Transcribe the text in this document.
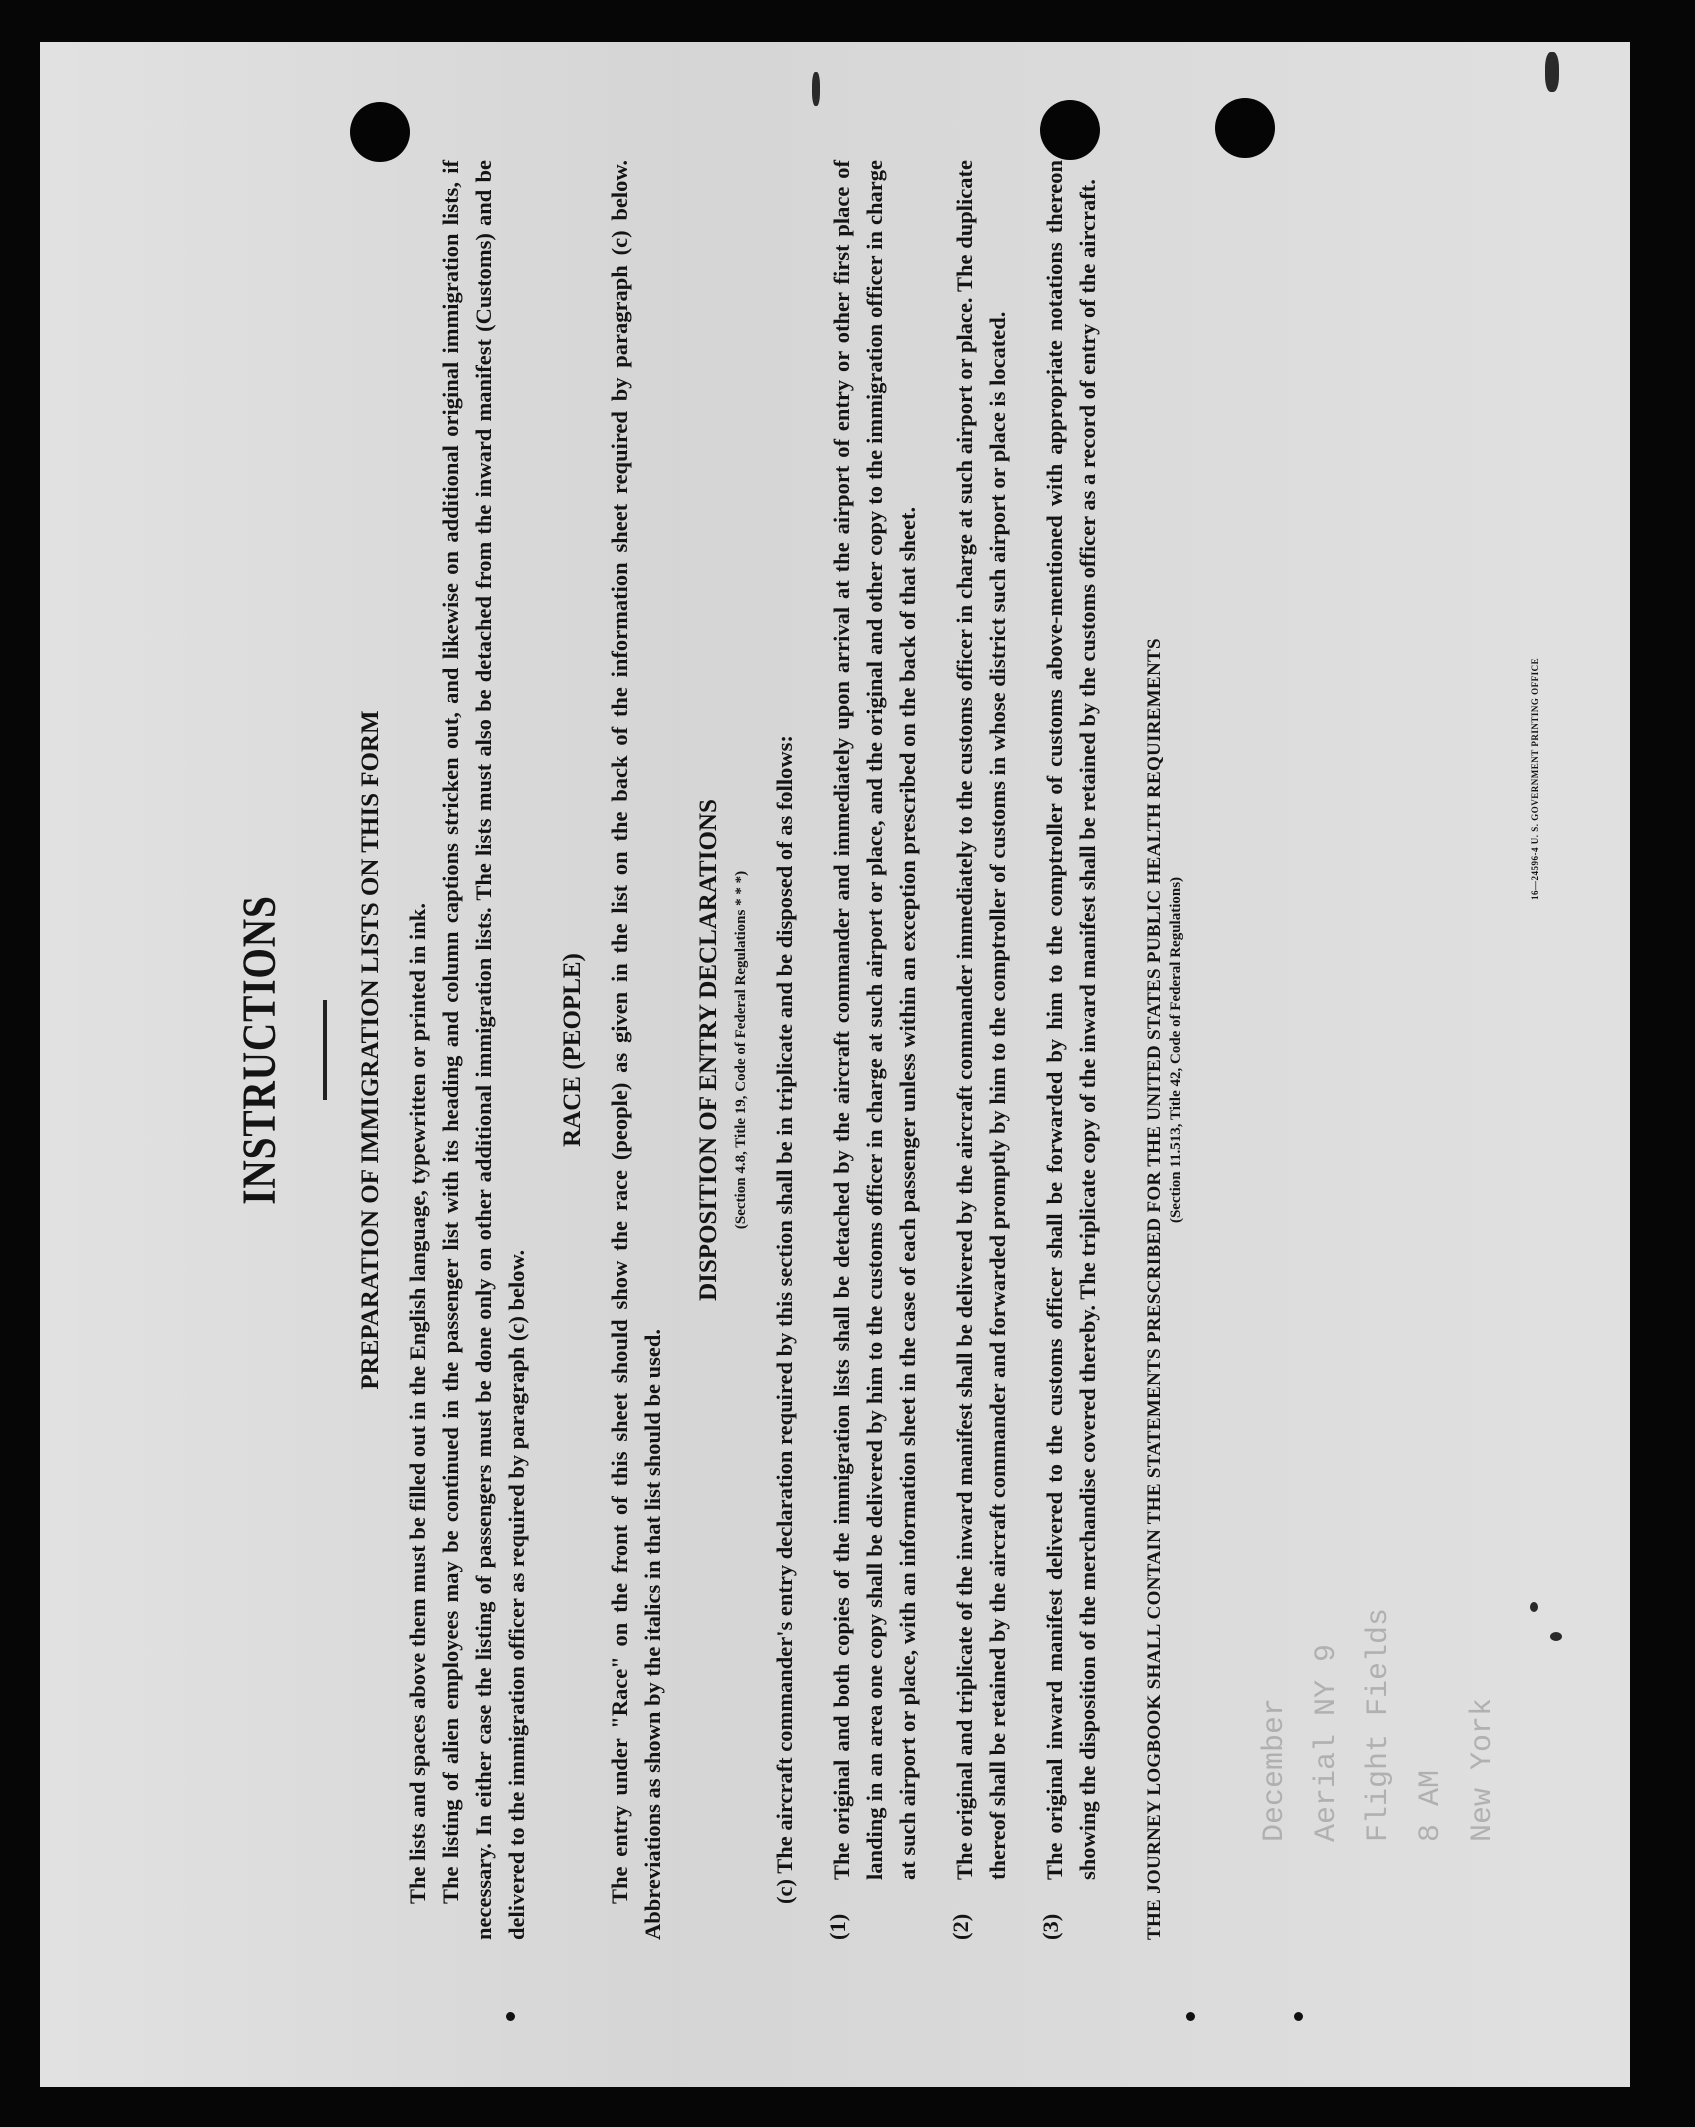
December Aerial NY 9 Flight Fields 8 AM New York
INSTRUCTIONS	PREPARATION OF IMMIGRATION LISTS ON THIS FORM The lists and spaces above them must be filled out in the English language, typewritten or printed in ink. The listing of alien employees may be continued in the passenger list with its heading and column captions stricken out, and likewise on additional original immigration lists, if necessary. In either case the listing of passengers must be done only on other additional immigration lists. The lists must also be detached from the inward manifest (Customs) and be delivered to the immigration officer as required by paragraph (c) below.

RACE (PEOPLE) The entry under "Race" on the front of this sheet should show the race (people) as given in the list on the back of the information sheet required by paragraph (c) below. Abbreviations as shown by the italics in that list should be used.

DISPOSITION OF ENTRY DECLARATIONS (Section 4.8, Title 19, Code of Federal Regulations * * *) (c) The aircraft commander's entry declaration required by this section shall be in triplicate and be disposed of as follows:

(1)

The original and both copies of the immigration lists shall be detached by the aircraft commander and immediately upon arrival at the airport of entry or other first place of landing in an area one copy shall be delivered by him to the customs officer in charge at such airport or place, and the original and other copy to the immigration officer in charge at such airport or place, with an information sheet in the case of each passenger unless within an exception prescribed on the back of that sheet.

(2)

The original and triplicate of the inward manifest shall be delivered by the aircraft commander immediately to the customs officer in charge at such airport or place. The duplicate thereof shall be retained by the aircraft commander and forwarded promptly by him to the comptroller of customs in whose district such airport or place is located.

(3)

The original inward manifest delivered to the customs officer shall be forwarded by him to the comptroller of customs above-mentioned with appropriate notations thereon showing the disposition of the merchandise covered thereby. The triplicate copy of the inward manifest shall be retained by the customs officer as a record of entry of the aircraft. THE JOURNEY LOGBOOK SHALL CONTAIN THE STATEMENTS PRESCRIBED FOR THE UNITED STATES PUBLIC HEALTH REQUIREMENTS (Section 11.513, Title 42, Code of Federal Regulations)
16—24596-4 U. S. GOVERNMENT PRINTING OFFICE
